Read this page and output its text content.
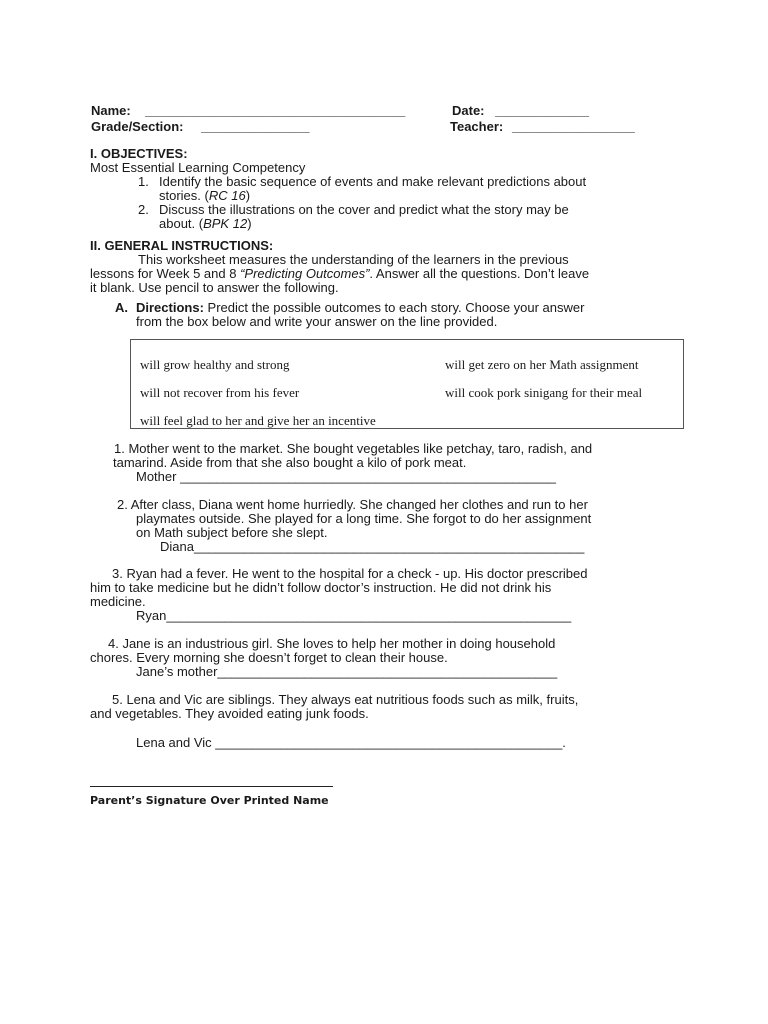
Name: ____________________________________	Date: _____________
Grade/Section: _______________	Teacher: _________________
I. OBJECTIVES:
Most Essential Learning Competency
1. Identify the basic sequence of events and make relevant predictions about
stories. (RC 16)
2. Discuss the illustrations on the cover and predict what the story may be
about. (BPK 12)
II. GENERAL INSTRUCTIONS:
This worksheet measures the understanding of the learners in the previous
lessons for Week 5 and 8 “Predicting Outcomes”. Answer all the questions. Don’t leave
it blank. Use pencil to answer the following.
A. Directions: Predict the possible outcomes to each story. Choose your answer
from the box below and write your answer on the line provided.
will grow healthy and strong	will get zero on her Math assignment
will not recover from his fever	will cook pork sinigang for their meal
will feel glad to her and give her an incentive
1. Mother went to the market. She bought vegetables like petchay, taro, radish, and
tamarind. Aside from that she also bought a kilo of pork meat.
Mother ____________________________________________________
2. After class, Diana went home hurriedly. She changed her clothes and run to her
playmates outside. She played for a long time. She forgot to do her assignment
on Math subject before she slept.
Diana______________________________________________________
3. Ryan had a fever. He went to the hospital for a check - up. His doctor prescribed
him to take medicine but he didn’t follow doctor’s instruction. He did not drink his
medicine.
Ryan________________________________________________________
4. Jane is an industrious girl. She loves to help her mother in doing household
chores. Every morning she doesn’t forget to clean their house.
Jane’s mother_______________________________________________
5. Lena and Vic are siblings. They always eat nutritious foods such as milk, fruits,
and vegetables. They avoided eating junk foods.
Lena and Vic ________________________________________________.
Parent’s Signature Over Printed Name
